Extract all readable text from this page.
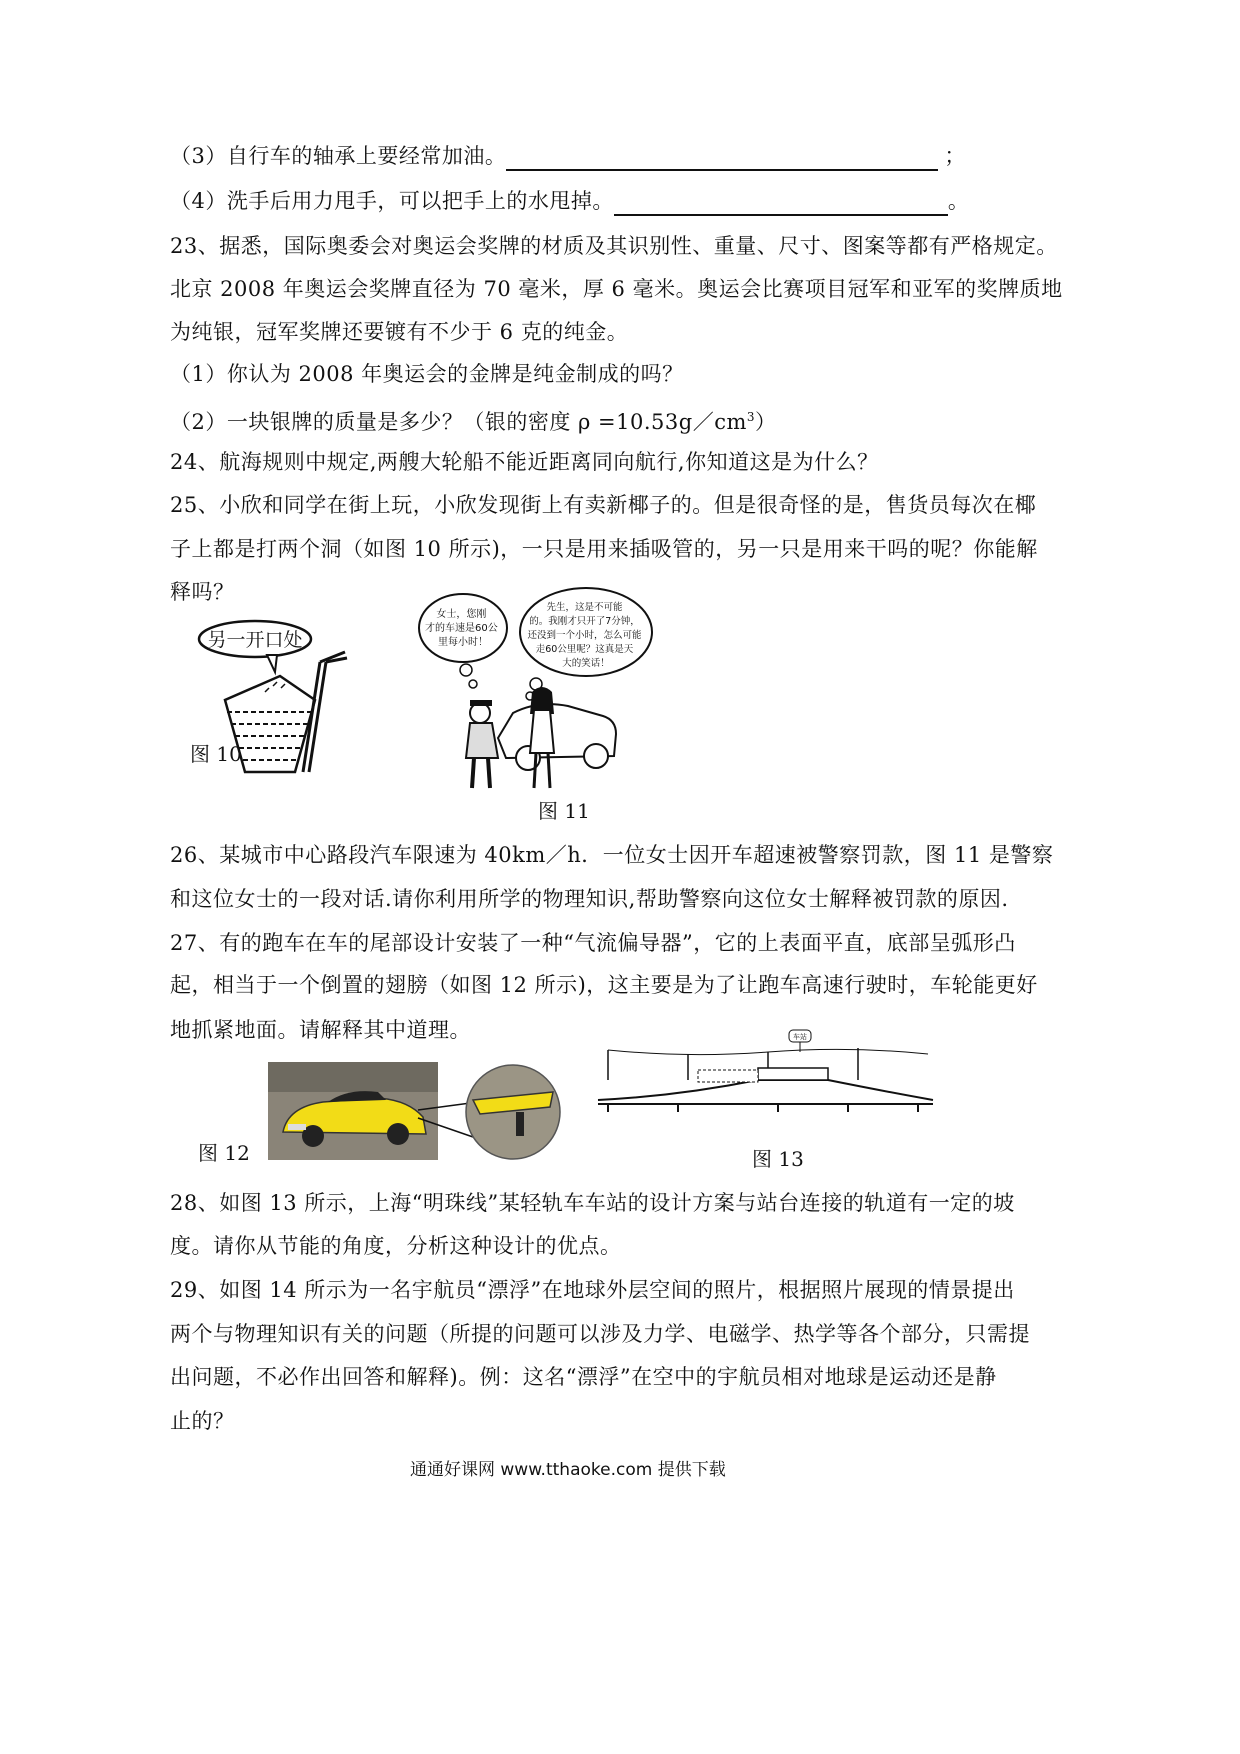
（3）自行车的轴承上要经常加油。	；
（4）洗手后用力甩手，可以把手上的水甩掉。	。
23、据悉，国际奥委会对奥运会奖牌的材质及其识别性、重量、尺寸、图案等都有严格规定。
北京 2008 年奥运会奖牌直径为 70 毫米，厚 6 毫米。奥运会比赛项目冠军和亚军的奖牌质地
为纯银，冠军奖牌还要镀有不少于 6 克的纯金。
（1）你认为 2008 年奥运会的金牌是纯金制成的吗？
（2）一块银牌的质量是多少？（银的密度 $\rho =10.53g/cm^3$）
24、航海规则中规定,两艘大轮船不能近距离同向航行,你知道这是为什么？
25、小欣和同学在街上玩，小欣发现街上有卖新椰子的。但是很奇怪的是，售货员每次在椰
子上都是打两个洞（如图 10 所示)，一只是用来插吸管的，另一只是用来干吗的呢？你能解
释吗？
另一开口处
图 10
女士，您刚 才的车速是60公 里每小时！
先生，这是不可能 的。我刚才只开了7分钟， 还没到一个小时，怎么可能 走60公里呢？这真是天 大的笑话！
图 11
26、某城市中心路段汽车限速为 40km／h．一位女士因开车超速被警察罚款，图 11 是警察
和这位女士的一段对话.请你利用所学的物理知识,帮助警察向这位女士解释被罚款的原因.
27、有的跑车在车的尾部设计安装了一种“气流偏导器”，它的上表面平直，底部呈弧形凸
起，相当于一个倒置的翅膀（如图 12 所示)，这主要是为了让跑车高速行驶时，车轮能更好
地抓紧地面。请解释其中道理。
图 12
车站
图 13
28、如图 13 所示，上海“明珠线”某轻轨车车站的设计方案与站台连接的轨道有一定的坡
度。请你从节能的角度，分析这种设计的优点。
29、如图 14 所示为一名宇航员“漂浮”在地球外层空间的照片，根据照片展现的情景提出
两个与物理知识有关的问题（所提的问题可以涉及力学、电磁学、热学等各个部分，只需提
出问题，不必作出回答和解释)。例：这名“漂浮”在空中的宇航员相对地球是运动还是静
止的？
通通好课网 www.tthaoke.com 提供下载
